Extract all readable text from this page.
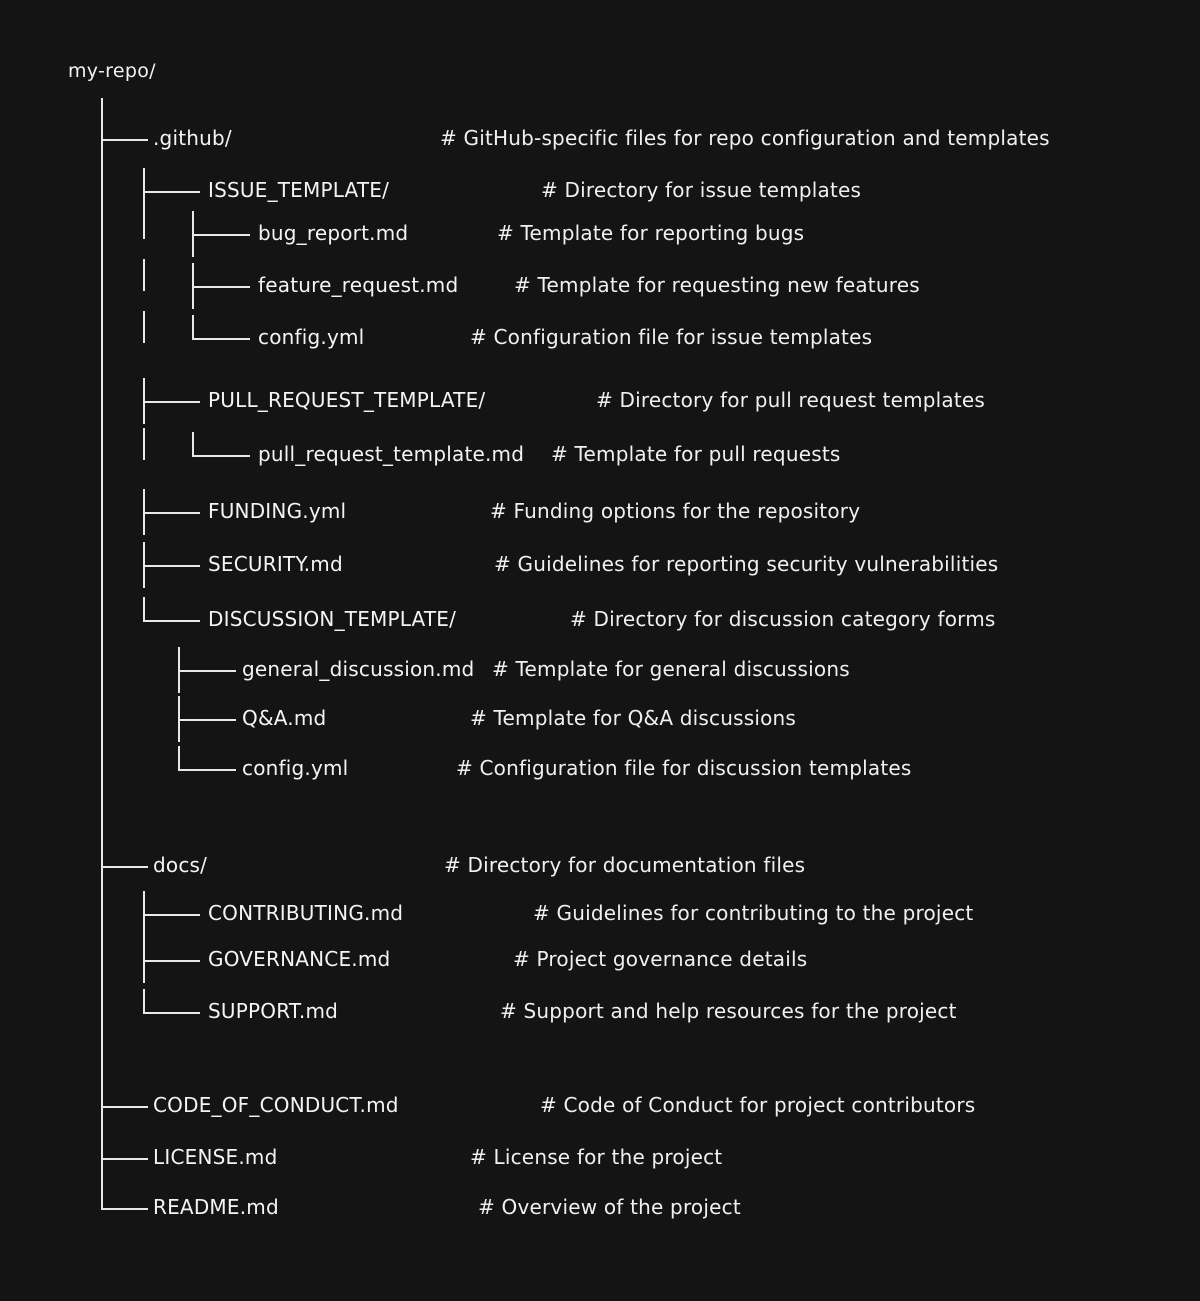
my-repo/
.github/	# GitHub-specific files for repo configuration and templates
ISSUE_TEMPLATE/	# Directory for issue templates
bug_report.md	# Template for reporting bugs
feature_request.md	# Template for requesting new features
config.yml	# Configuration file for issue templates
PULL_REQUEST_TEMPLATE/	# Directory for pull request templates
pull_request_template.md # Template for pull requests
FUNDING.yml	# Funding options for the repository
SECURITY.md	# Guidelines for reporting security vulnerabilities
DISCUSSION_TEMPLATE/	# Directory for discussion category forms
general_discussion.md # Template for general discussions
Q&A.md	# Template for Q&A discussions
config.yml	# Configuration file for discussion templates
docs/	# Directory for documentation files
CONTRIBUTING.md	# Guidelines for contributing to the project
GOVERNANCE.md	# Project governance details
SUPPORT.md	# Support and help resources for the project
CODE_OF_CONDUCT.md	# Code of Conduct for project contributors
LICENSE.md	# License for the project
README.md	# Overview of the project
